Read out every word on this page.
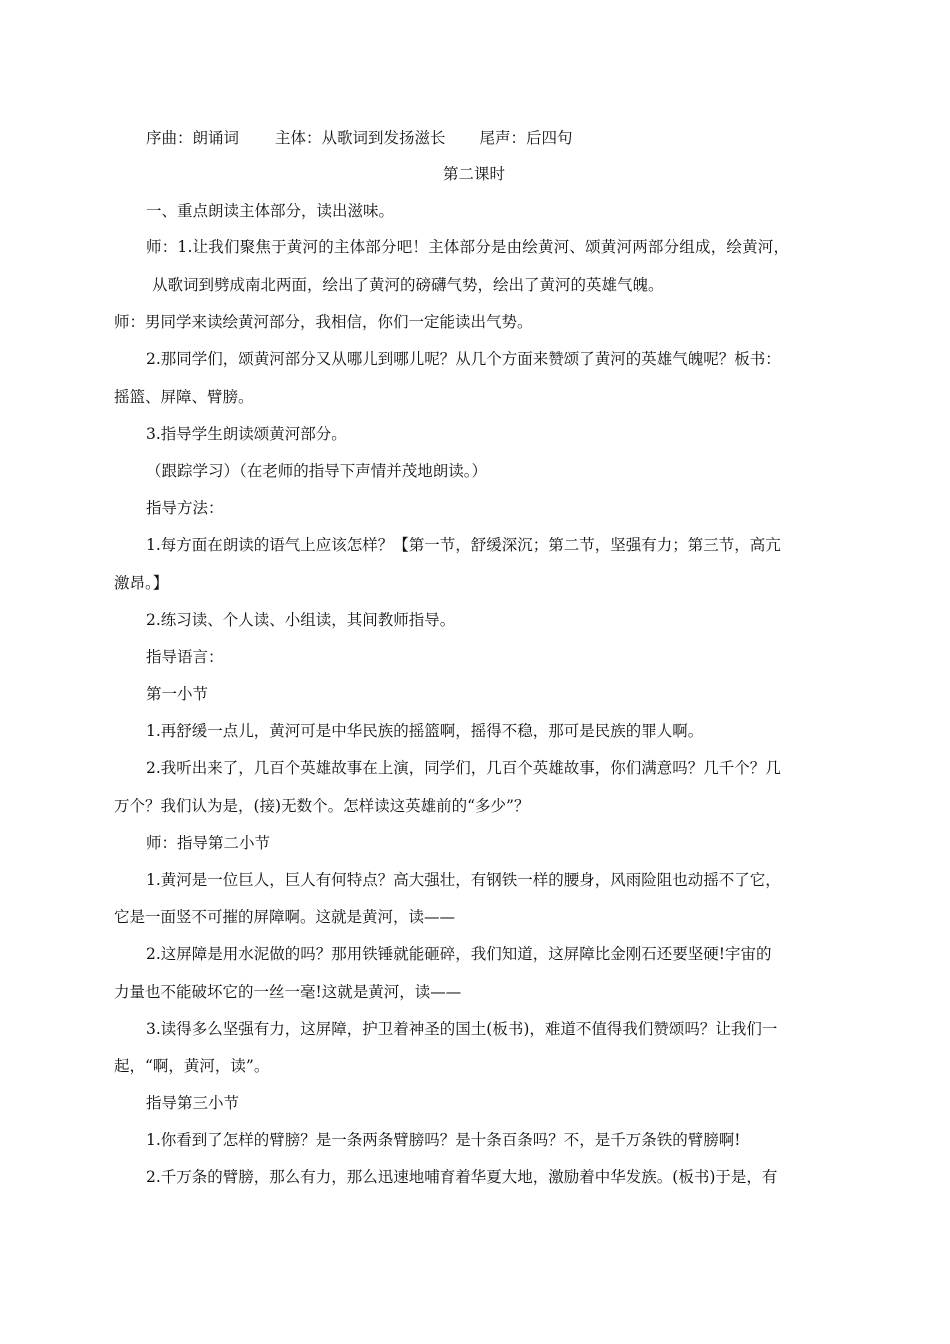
序曲：朗诵词 主体：从歌词到发扬滋长 尾声：后四句
第二课时
一、重点朗读主体部分，读出滋味。
师：1.让我们聚焦于黄河的主体部分吧！主体部分是由绘黄河、颂黄河两部分组成，绘黄河，
从歌词到劈成南北两面，绘出了黄河的磅礴气势，绘出了黄河的英雄气魄。
师：男同学来读绘黄河部分，我相信，你们一定能读出气势。
2.那同学们，颂黄河部分又从哪儿到哪儿呢？从几个方面来赞颂了黄河的英雄气魄呢？板书：
摇篮、屏障、臂膀。
3.指导学生朗读颂黄河部分。
（跟踪学习）（在老师的指导下声情并茂地朗读。）
指导方法：
1.每方面在朗读的语气上应该怎样？【第一节，舒缓深沉；第二节，坚强有力；第三节，高亢
激昂。】
2.练习读、个人读、小组读，其间教师指导。
指导语言：
第一小节
1.再舒缓一点儿，黄河可是中华民族的摇篮啊，摇得不稳，那可是民族的罪人啊。
2.我听出来了，几百个英雄故事在上演，同学们，几百个英雄故事，你们满意吗？几千个？几
万个？我们认为是，(接)无数个。怎样读这英雄前的“多少”？
师：指导第二小节
1.黄河是一位巨人，巨人有何特点？高大强壮，有钢铁一样的腰身，风雨险阻也动摇不了它，
它是一面竖不可摧的屏障啊。这就是黄河，读——
2.这屏障是用水泥做的吗？那用铁锤就能砸碎，我们知道，这屏障比金刚石还要坚硬!宇宙的
力量也不能破坏它的一丝一毫!这就是黄河，读——
3.读得多么坚强有力，这屏障，护卫着神圣的国土(板书)，难道不值得我们赞颂吗？让我们一
起，“啊，黄河，读”。
指导第三小节
1.你看到了怎样的臂膀？是一条两条臂膀吗？是十条百条吗？不，是千万条铁的臂膀啊!
2.千万条的臂膀，那么有力，那么迅速地哺育着华夏大地，激励着中华发族。(板书)于是，有
